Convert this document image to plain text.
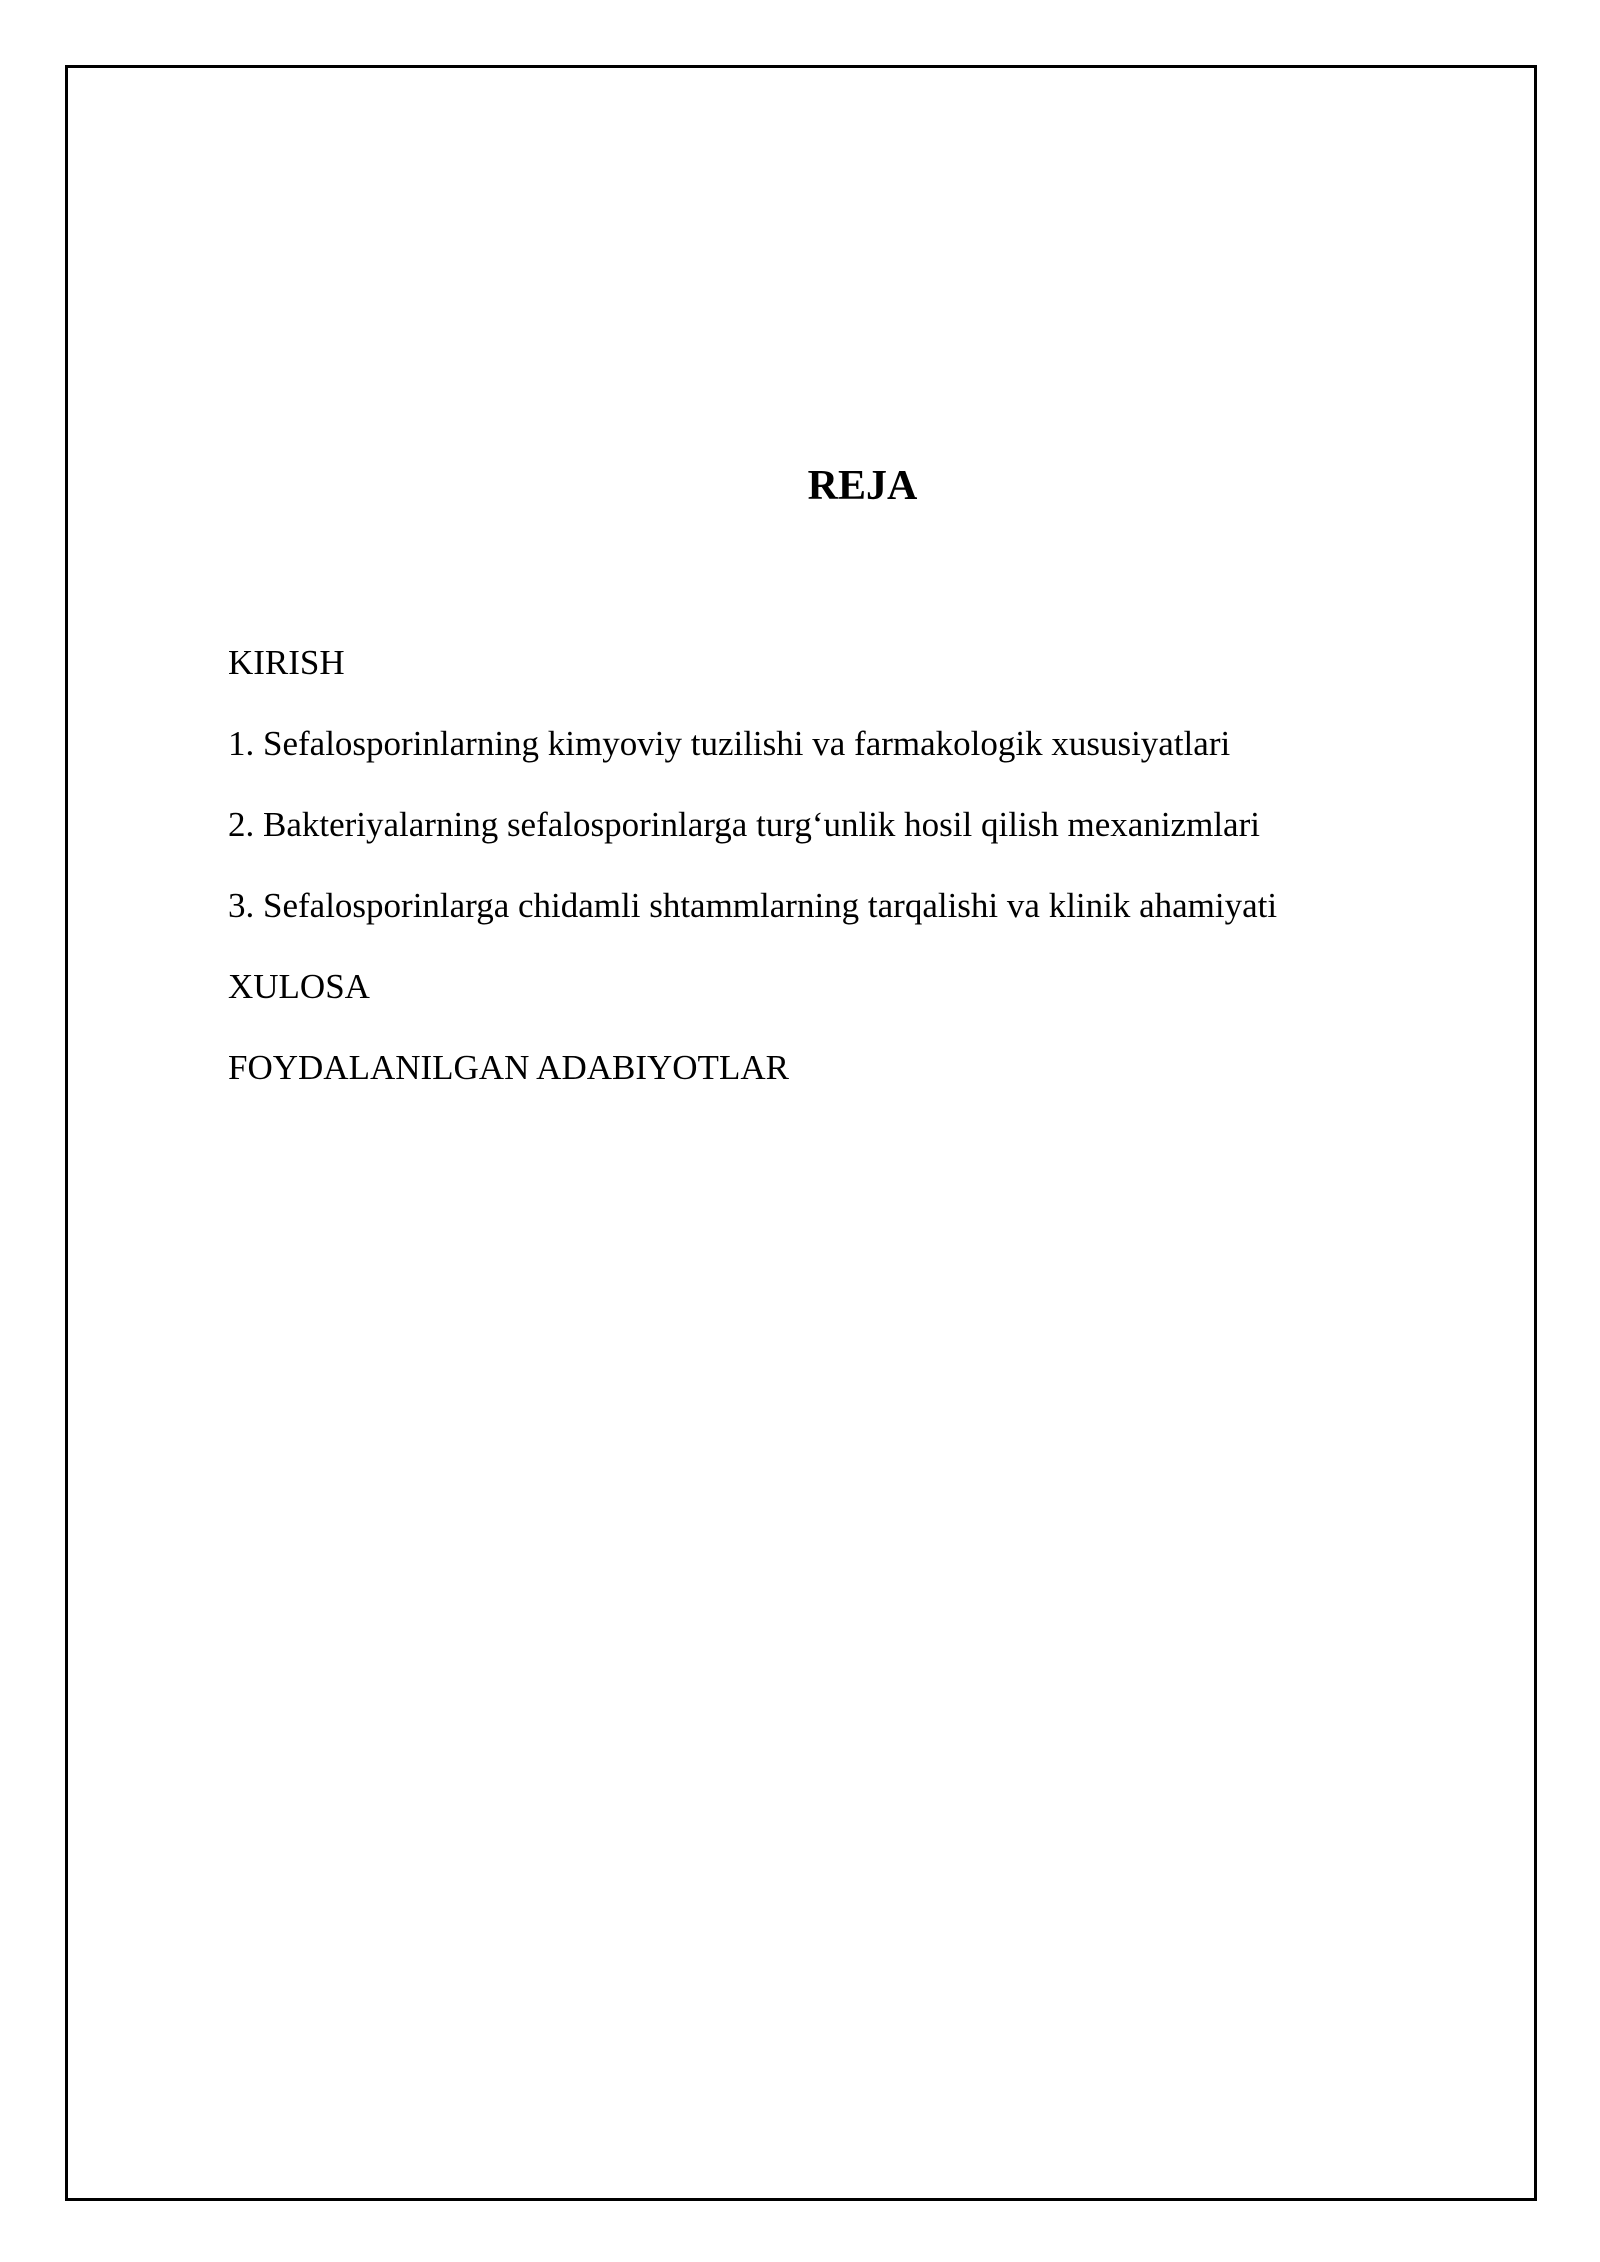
REJA
KIRISH
1. Sefalosporinlarning kimyoviy tuzilishi va farmakologik xususiyatlari
2. Bakteriyalarning sefalosporinlarga turg‘unlik hosil qilish mexanizmlari
3. Sefalosporinlarga chidamli shtammlarning tarqalishi va klinik ahamiyati
XULOSA
FOYDALANILGAN ADABIYOTLAR
